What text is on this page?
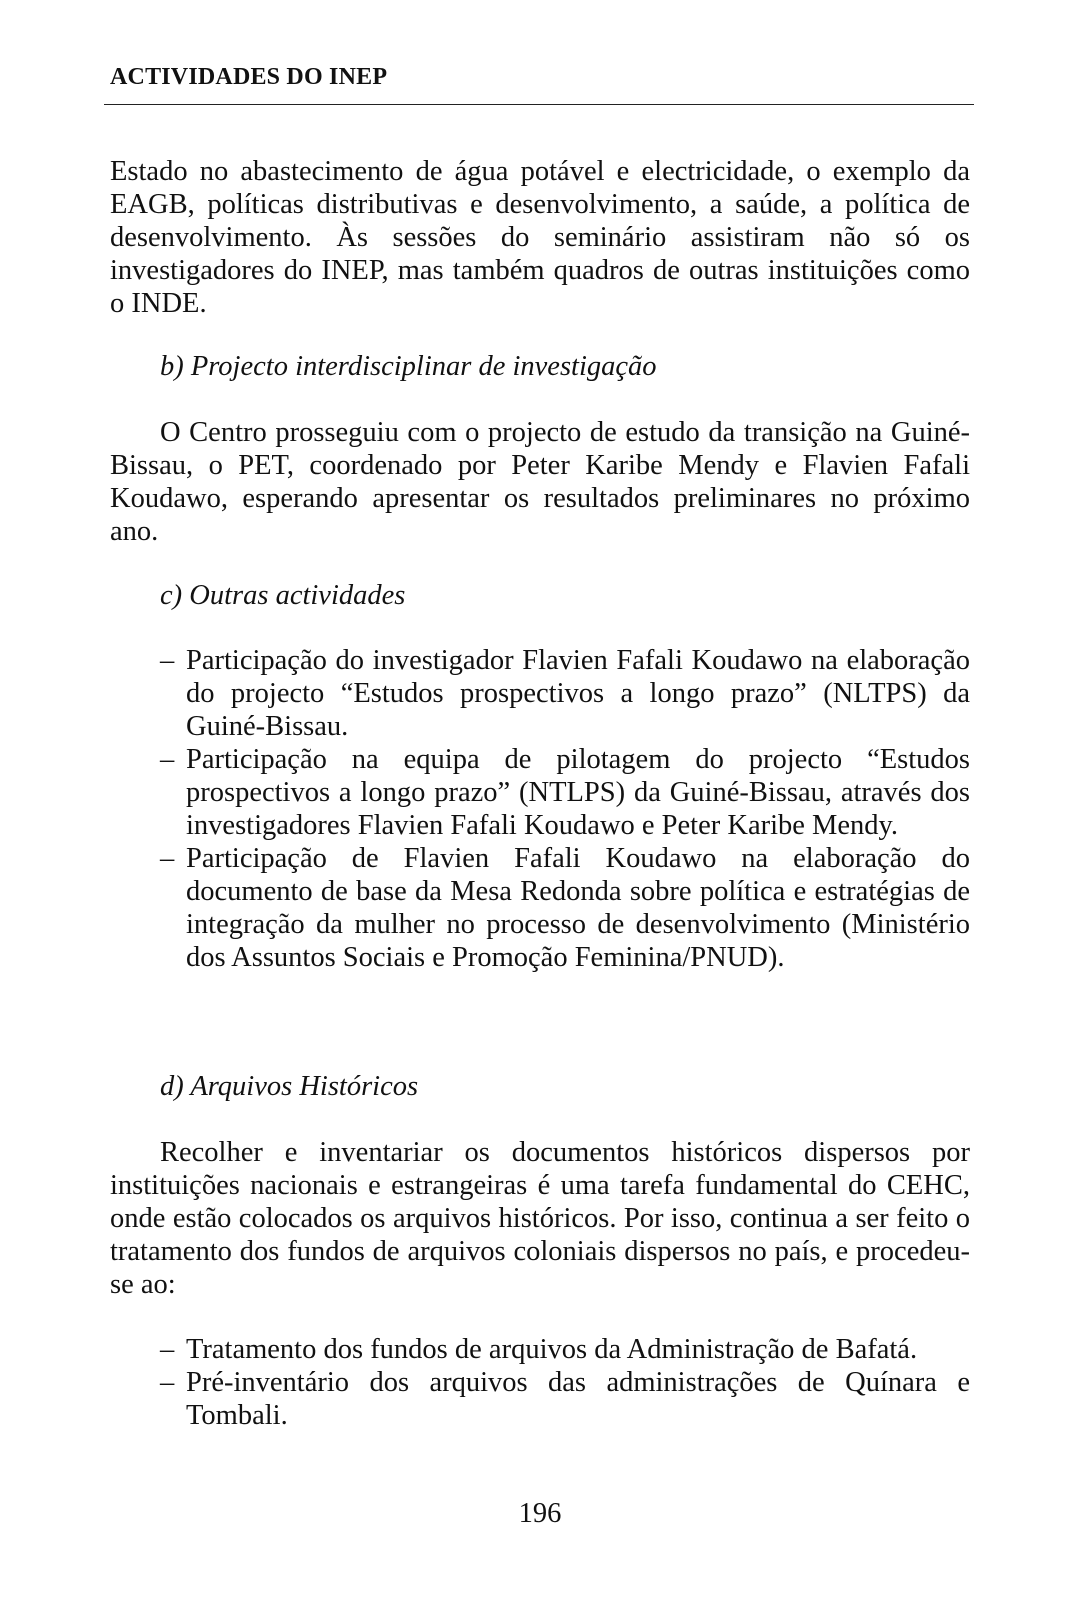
ACTIVIDADES DO INEP

Estado no abastecimento de água potável e electricidade, o exemplo da EAGB, políticas distributivas e desenvolvimento, a saúde, a política de desenvolvimento. Às sessões do seminário assistiram não só os investigadores do INEP, mas também quadros de outras instituições como o INDE.

b) Projecto interdisciplinar de investigação

O Centro prosseguiu com o projecto de estudo da transição na Guiné-Bissau, o PET, coordenado por Peter Karibe Mendy e Flavien Fafali Koudawo, esperando apresentar os resultados preliminares no próximo ano.

c) Outras actividades
– Participação do investigador Flavien Fafali Koudawo na elaboração do projecto “Estudos prospectivos a longo prazo” (NLTPS) da Guiné-Bissau.
– Participação na equipa de pilotagem do projecto “Estudos prospectivos a longo prazo” (NTLPS) da Guiné-Bissau, através dos investigadores Flavien Fafali Koudawo e Peter Karibe Mendy.
– Participação de Flavien Fafali Koudawo na elaboração do documento de base da Mesa Redonda sobre política e estratégias de integração da mulher no processo de desenvolvimento (Ministério dos Assuntos Sociais e Promoção Feminina/PNUD).
d) Arquivos Históricos

Recolher e inventariar os documentos históricos dispersos por instituições nacionais e estrangeiras é uma tarefa fundamental do CEHC, onde estão colocados os arquivos históricos. Por isso, continua a ser feito o tratamento dos fundos de arquivos coloniais dispersos no país, e procedeu-se ao:

– Tratamento dos fundos de arquivos da Administração de Bafatá.
– Pré-inventário dos arquivos das administrações de Quínara e Tombali.
196
